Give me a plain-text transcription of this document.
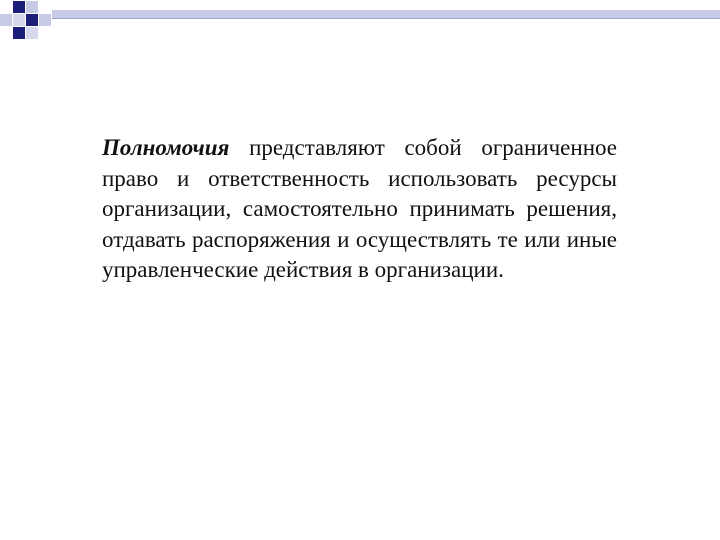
Полномочия представляют собой ограниченное право и ответственность использовать ресурсы организации, самостоятельно принимать решения, отдавать распоряжения и осуществлять те или иные управленческие действия в организации.
